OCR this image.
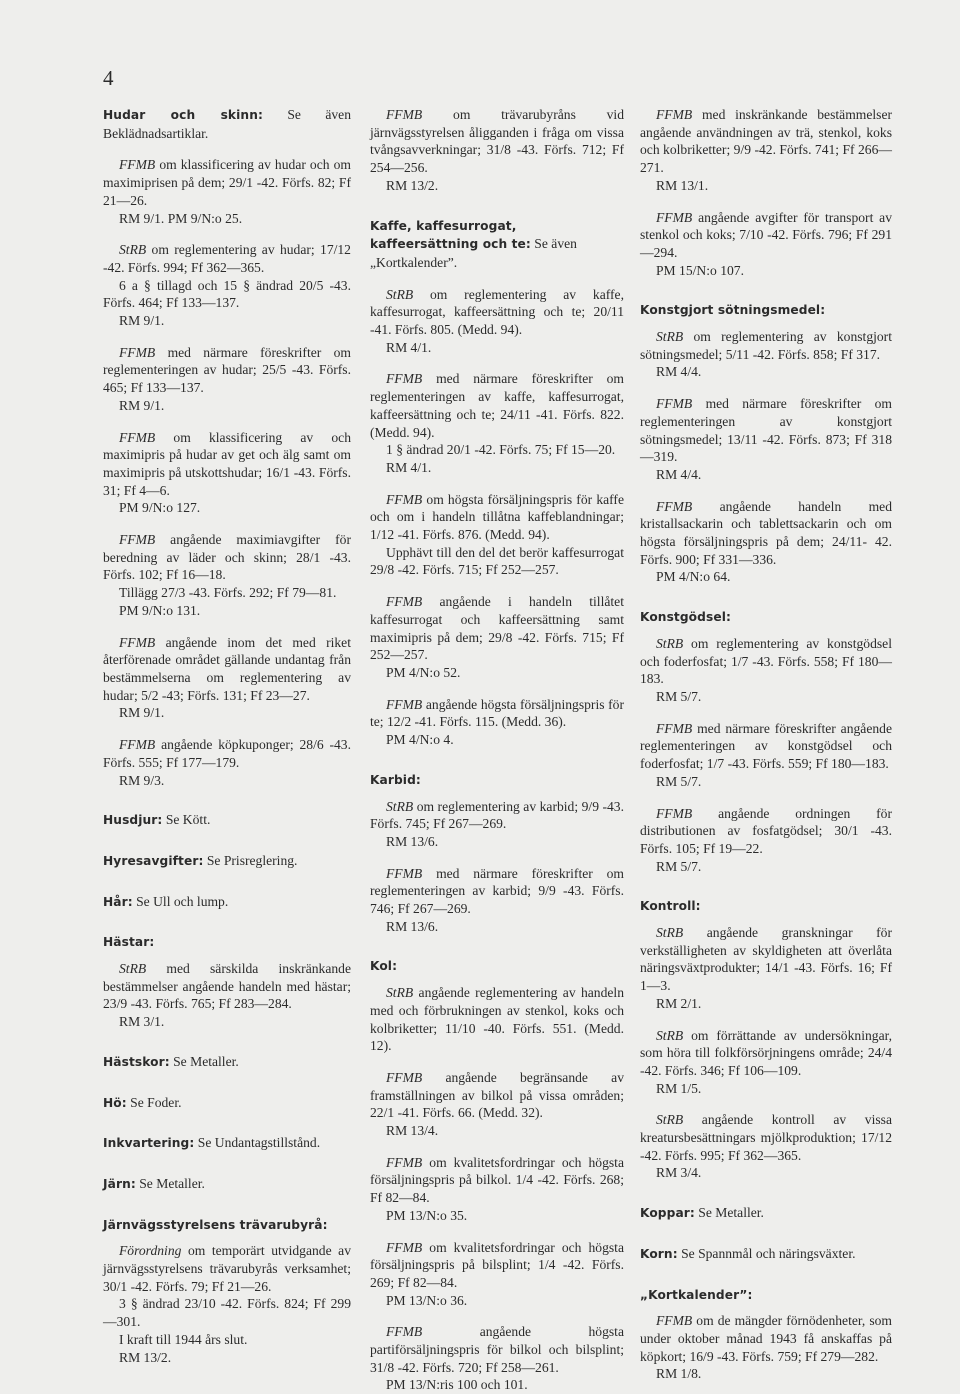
4

Hudar och skinn: Se även Beklädnadsartiklar.

FFMB om klassificering av hudar och om maximiprisen på dem; 29/1 -42. Förfs. 82; Ff 21—26.

RM 9/1. PM 9/N:o 25.

StRB om reglementering av hudar; 17/12 -42. Förfs. 994; Ff 362—365.

6 a § tillagd och 15 § ändrad 20/5 -43. Förfs. 464; Ff 133—137.

RM 9/1.

FFMB med närmare föreskrifter om reglementeringen av hudar; 25/5 -43. Förfs. 465; Ff 133—137.

RM 9/1.

FFMB om klassificering av och maximipris på hudar av get och älg samt om maximipris på utskottshudar; 16/1 -43. Förfs. 31; Ff 4—6.

PM 9/N:o 127.

FFMB angående maximiavgifter för beredning av läder och skinn; 28/1 -43. Förfs. 102; Ff 16—18.

Tillägg 27/3 -43. Förfs. 292; Ff 79—81.

PM 9/N:o 131.

FFMB angående inom det med riket återförenade området gällande undantag från bestämmelserna om reglementering av hudar; 5/2 -43; Förfs. 131; Ff 23—27.

RM 9/1.

FFMB angående köpkuponger; 28/6 -43. Förfs. 555; Ff 177—179.

RM 9/3.

Husdjur: Se Kött.

Hyresavgifter: Se Prisreglering.

Hår: Se Ull och lump.

Hästar:

StRB med särskilda inskränkande bestämmelser angående handeln med hästar; 23/9 -43. Förfs. 765; Ff 283—284.

RM 3/1.

Hästskor: Se Metaller.

Hö: Se Foder.

Inkvartering: Se Undantagstillstånd.

Järn: Se Metaller.

Järnvägsstyrelsens trävarubyrå:

Förordning om temporärt utvidgande av järnvägsstyrelsens trävarubyrås verksamhet; 30/1 -42. Förfs. 79; Ff 21—26.

3 § ändrad 23/10 -42. Förfs. 824; Ff 299—301.

I kraft till 1944 års slut.

RM 13/2.

FFMB om trävarubyråns vid järnvägsstyrelsen åligganden i fråga om vissa tvångsavverkningar; 31/8 -43. Förfs. 712; Ff 254—256.

RM 13/2.

Kaffe, kaffesurrogat, kaffeersättning och te: Se även „Kortkalender”.

StRB om reglementering av kaffe, kaffesurrogat, kaffeersättning och te; 20/11 -41. Förfs. 805. (Medd. 94).

RM 4/1.

FFMB med närmare föreskrifter om reglementeringen av kaffe, kaffesurrogat, kaffeersättning och te; 24/11 -41. Förfs. 822. (Medd. 94).

1 § ändrad 20/1 -42. Förfs. 75; Ff 15—20.

RM 4/1.

FFMB om högsta försäljningspris för kaffe och om i handeln tillåtna kaffeblandningar; 1/12 -41. Förfs. 876. (Medd. 94).

Upphävt till den del det berör kaffesurrogat 29/8 -42. Förfs. 715; Ff 252—257.

FFMB angående i handeln tillåtet kaffesurrogat och kaffeersättning samt maximipris på dem; 29/8 -42. Förfs. 715; Ff 252—257.

PM 4/N:o 52.

FFMB angående högsta försäljningspris för te; 12/2 -41. Förfs. 115. (Medd. 36).

PM 4/N:o 4.

Karbid:

StRB om reglementering av karbid; 9/9 -43. Förfs. 745; Ff 267—269.

RM 13/6.

FFMB med närmare föreskrifter om reglementeringen av karbid; 9/9 -43. Förfs. 746; Ff 267—269.

RM 13/6.

Kol:

StRB angående reglementering av handeln med och förbrukningen av stenkol, koks och kolbriketter; 11/10 -40. Förfs. 551. (Medd. 12).

FFMB angående begränsande av framställningen av bilkol på vissa områden; 22/1 -41. Förfs. 66. (Medd. 32).

RM 13/4.

FFMB om kvalitetsfordringar och högsta försäljningspris på bilkol. 1/4 -42. Förfs. 268; Ff 82—84.

PM 13/N:o 35.

FFMB om kvalitetsfordringar och högsta försäljningspris på bilsplint; 1/4 -42. Förfs. 269; Ff 82—84.

PM 13/N:o 36.

FFMB	angående högsta partiförsäljningspris för bilkol och bilsplint; 31/8 -42. Förfs. 720; Ff 258—261.

PM 13/N:ris 100 och 101.

FFMB med inskränkande bestämmelser angående användningen av trä, stenkol, koks och kolbriketter; 9/9 -42. Förfs. 741; Ff 266—271.

RM 13/1.

FFMB angående avgifter för transport av stenkol och koks; 7/10 -42. Förfs. 796; Ff 291—294.

PM 15/N:o 107.

Konstgjort sötningsmedel:

StRB om reglementering av konstgjort sötningsmedel; 5/11 -42. Förfs. 858; Ff 317.

RM 4/4.

FFMB med närmare föreskrifter om reglementeringen av konstgjort sötningsmedel; 13/11 -42. Förfs. 873; Ff 318—319.

RM 4/4.

FFMB angående handeln med kristallsackarin och tablettsackarin och om högsta försäljningspris på dem; 24/11- 42. Förfs. 900; Ff 331—336.

PM 4/N:o 64.

Konstgödsel:

StRB om reglementering av konstgödsel och foderfosfat; 1/7 -43. Förfs. 558; Ff 180—183.

RM 5/7.

FFMB med närmare föreskrifter angående reglementeringen av konstgödsel och foderfosfat; 1/7 -43. Förfs. 559; Ff 180—183.

RM 5/7.

FFMB angående ordningen för distributionen av fosfatgödsel; 30/1 -43. Förfs. 105; Ff 19—22.

RM 5/7.

Kontroll:

StRB angående granskningar för verkställigheten av skyldigheten att överlåta näringsväxtprodukter; 14/1 -43. Förfs. 16; Ff 1—3.

RM 2/1.

StRB om förrättande av undersökningar, som höra till folkförsörjningens område; 24/4 -42. Förfs. 346; Ff 106—109.

RM 1/5.

StRB angående kontroll av vissa kreatursbesättningars mjölkproduktion; 17/12 -42. Förfs. 995; Ff 362—365.

RM 3/4.

Koppar: Se Metaller.

Korn: Se Spannmål och näringsväxter.

„Kortkalender”:

FFMB om de mängder förnödenheter, som under oktober månad 1943 få anskaffas på köpkort; 16/9 -43. Förfs. 759; Ff 279—282.

RM 1/8.
